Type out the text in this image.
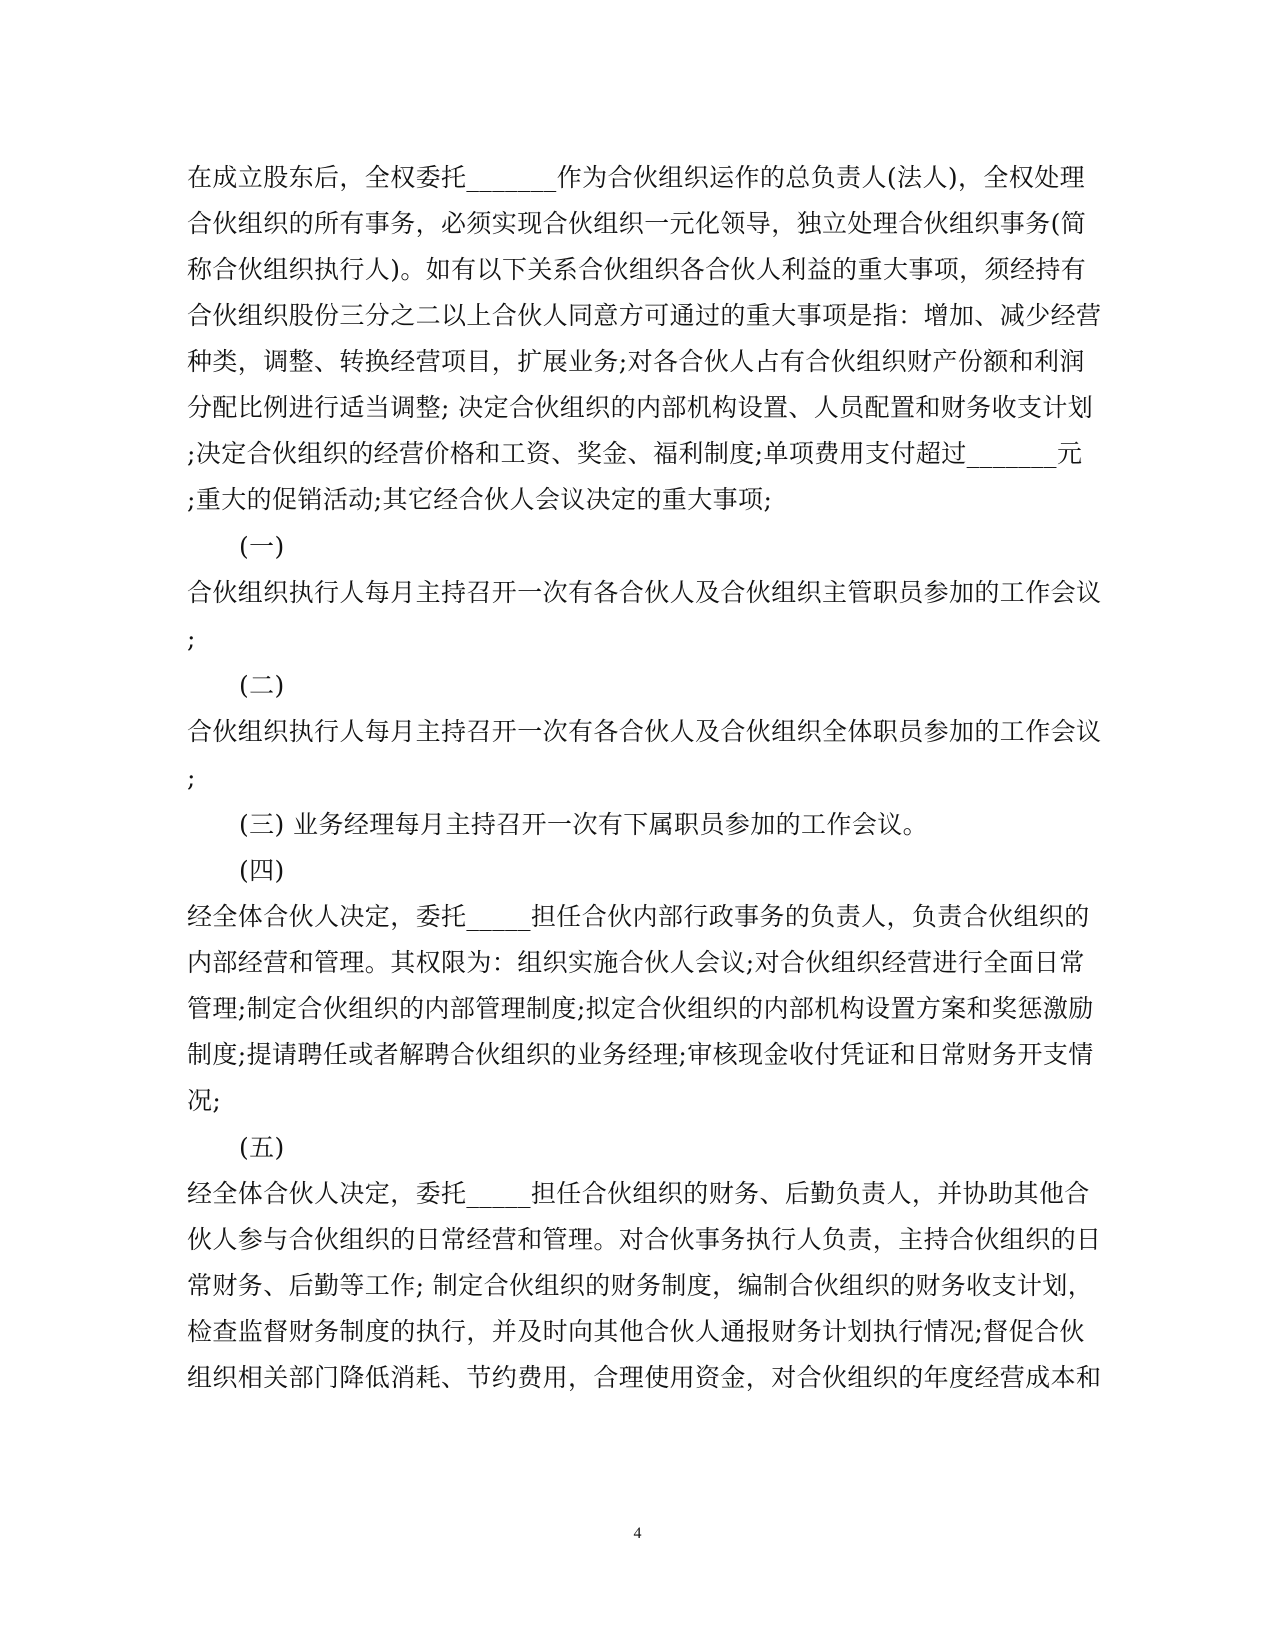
在成立股东后，全权委托_______作为合伙组织运作的总负责人(法人)，全权处理
合伙组织的所有事务，必须实现合伙组织一元化领导，独立处理合伙组织事务(简
称合伙组织执行人)。如有以下关系合伙组织各合伙人利益的重大事项，须经持有
合伙组织股份三分之二以上合伙人同意方可通过的重大事项是指：增加、减少经营
种类，调整、转换经营项目，扩展业务;对各合伙人占有合伙组织财产份额和利润
分配比例进行适当调整; 决定合伙组织的内部机构设置、人员配置和财务收支计划
;决定合伙组织的经营价格和工资、奖金、福利制度;单项费用支付超过_______元
;重大的促销活动;其它经合伙人会议决定的重大事项;
(一)
合伙组织执行人每月主持召开一次有各合伙人及合伙组织主管职员参加的工作会议
;
(二)
合伙组织执行人每月主持召开一次有各合伙人及合伙组织全体职员参加的工作会议
;
(三) 业务经理每月主持召开一次有下属职员参加的工作会议。
(四)
经全体合伙人决定，委托_____担任合伙内部行政事务的负责人，负责合伙组织的
内部经营和管理。其权限为：组织实施合伙人会议;对合伙组织经营进行全面日常
管理;制定合伙组织的内部管理制度;拟定合伙组织的内部机构设置方案和奖惩激励
制度;提请聘任或者解聘合伙组织的业务经理;审核现金收付凭证和日常财务开支情
况;
(五)
经全体合伙人决定，委托_____担任合伙组织的财务、后勤负责人，并协助其他合
伙人参与合伙组织的日常经营和管理。对合伙事务执行人负责，主持合伙组织的日
常财务、后勤等工作; 制定合伙组织的财务制度，编制合伙组织的财务收支计划，
检查监督财务制度的执行，并及时向其他合伙人通报财务计划执行情况;督促合伙
组织相关部门降低消耗、节约费用，合理使用资金，对合伙组织的年度经营成本和
4
